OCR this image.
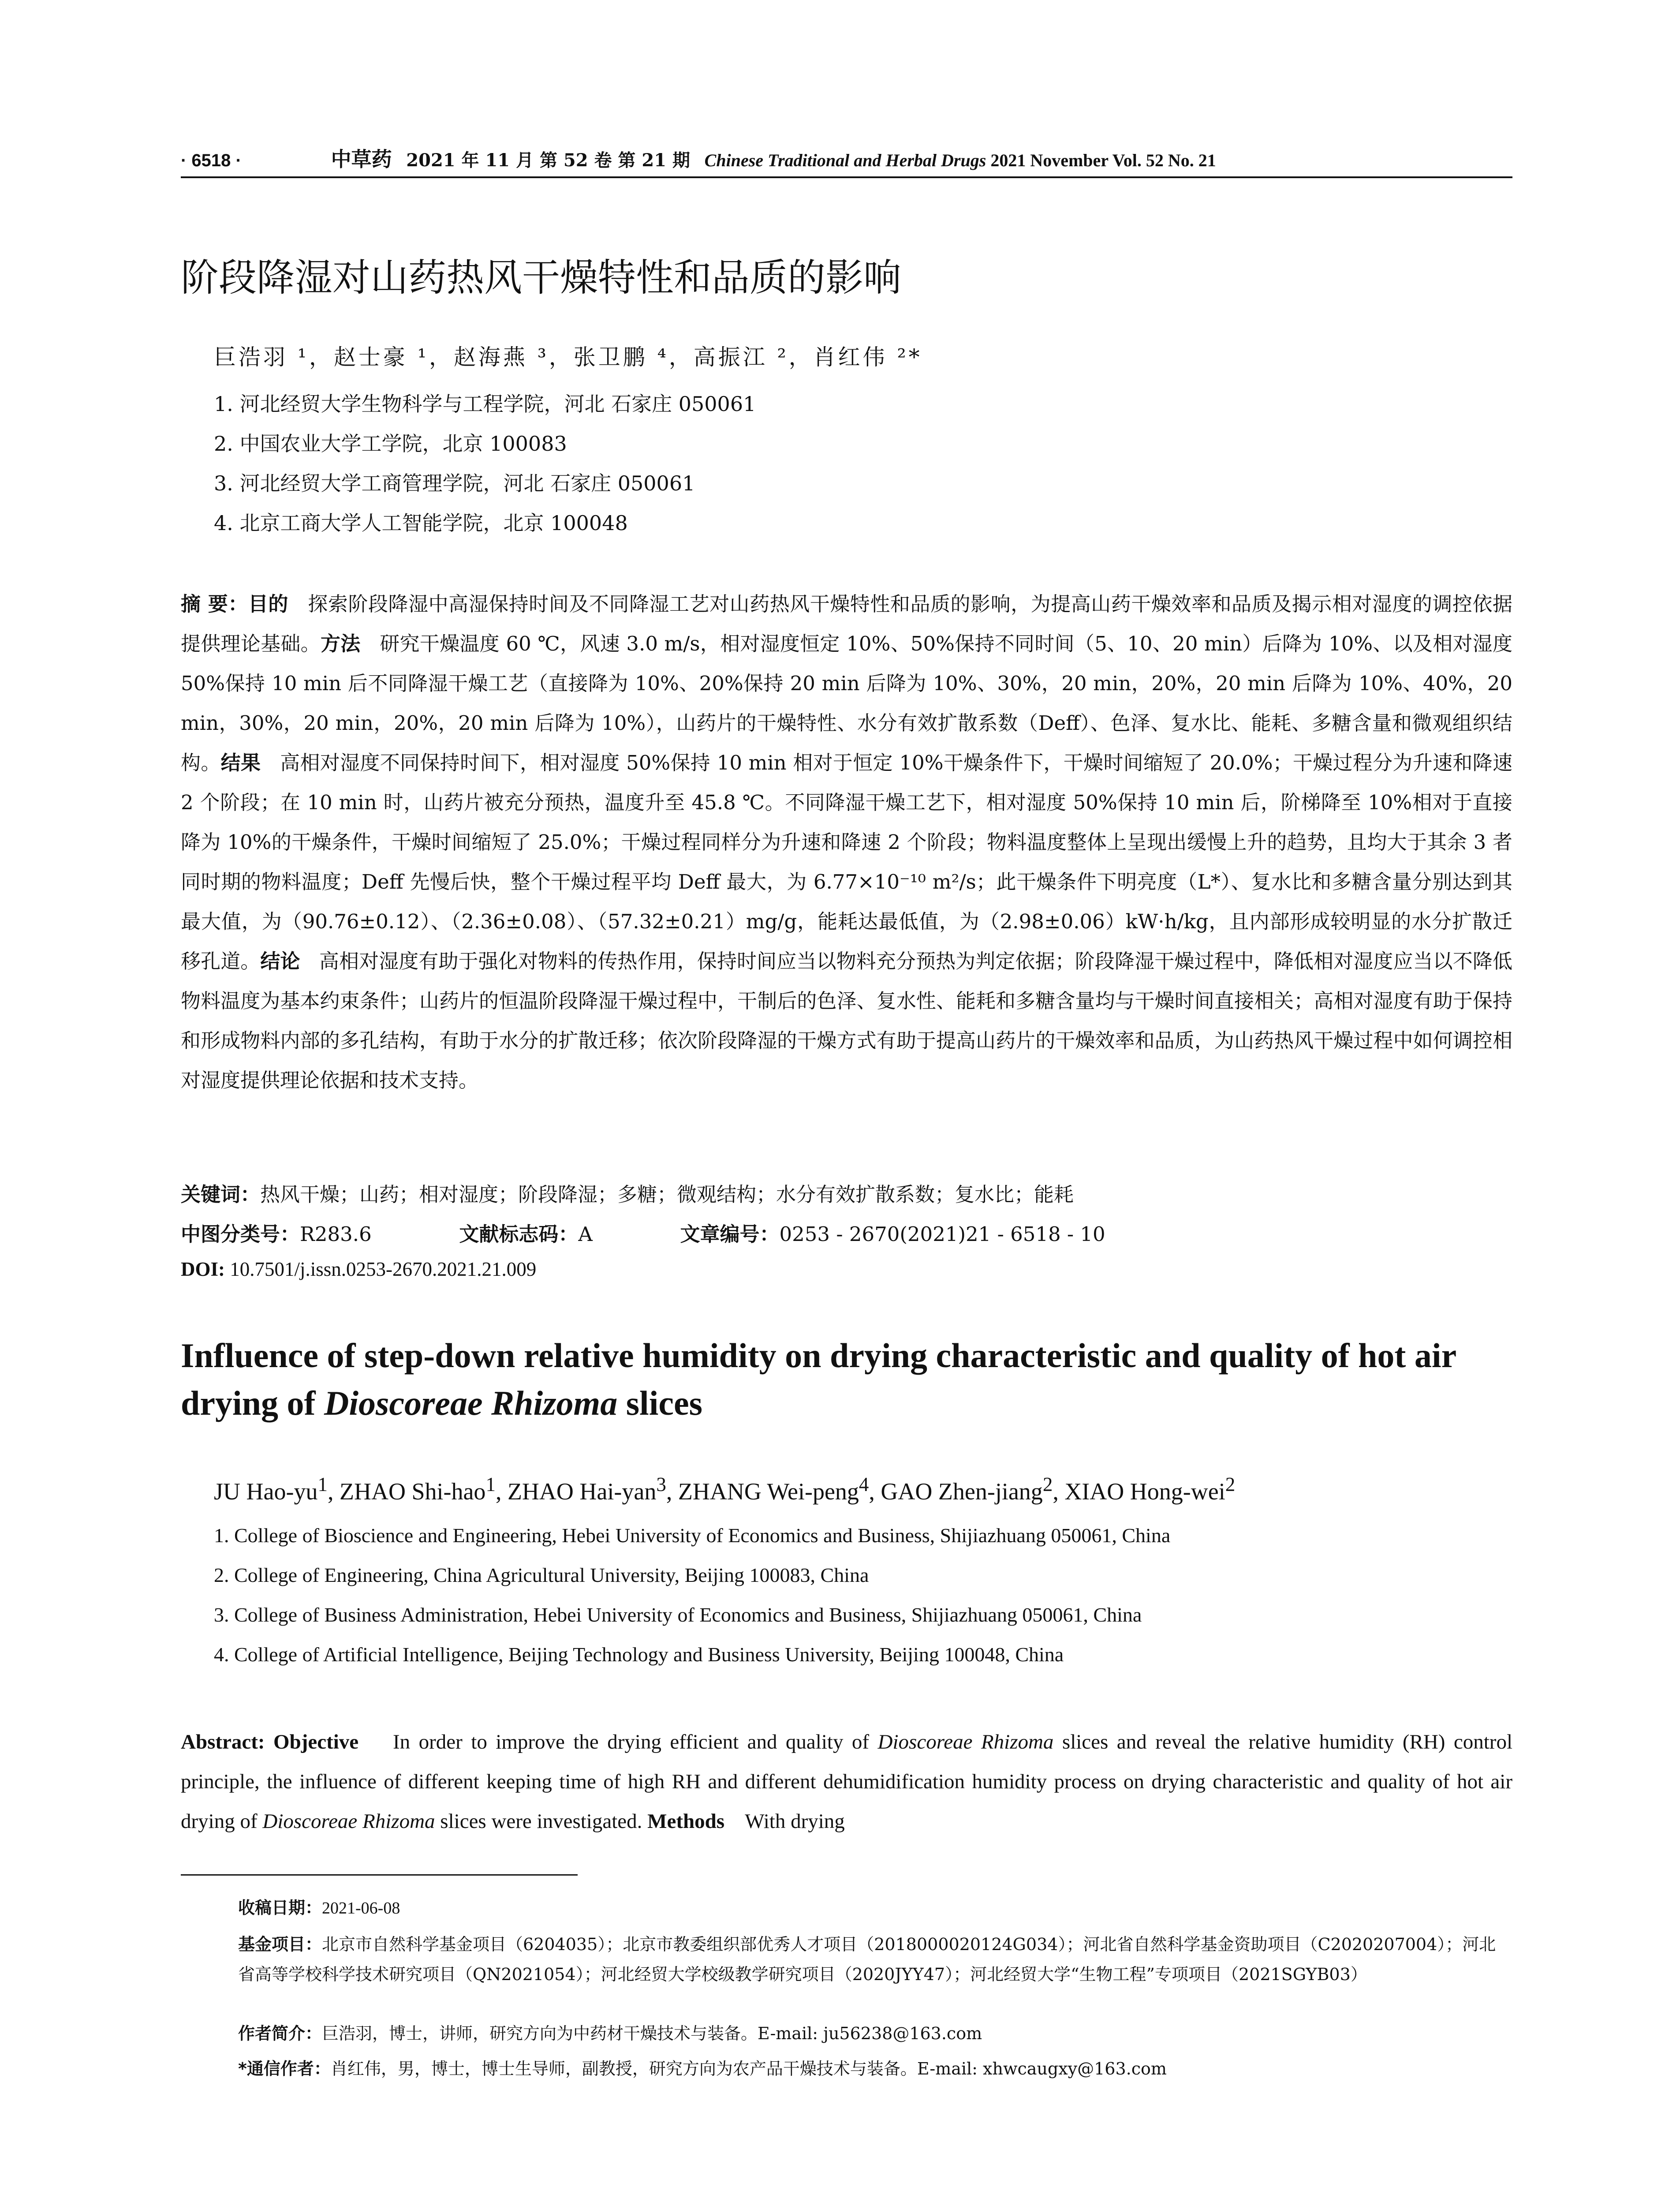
· 6518 ·	中草药 2021 年 11 月 第 52 卷 第 21 期 Chinese Traditional and Herbal Drugs 2021 November Vol. 52 No. 21
阶段降湿对山药热风干燥特性和品质的影响
巨浩羽 ¹，赵士豪 ¹，赵海燕 ³，张卫鹏 ⁴，高振江 ²，肖红伟 ²*
1. 河北经贸大学生物科学与工程学院，河北 石家庄 050061
2. 中国农业大学工学院，北京 100083
3. 河北经贸大学工商管理学院，河北 石家庄 050061
4. 北京工商大学人工智能学院，北京 100048
摘 要：目的 探索阶段降湿中高湿保持时间及不同降湿工艺对山药热风干燥特性和品质的影响，为提高山药干燥效率和品质及揭示相对湿度的调控依据提供理论基础。方法 研究干燥温度 60 ℃，风速 3.0 m/s，相对湿度恒定 10%、50%保持不同时间（5、10、20 min）后降为 10%、以及相对湿度 50%保持 10 min 后不同降湿干燥工艺（直接降为 10%、20%保持 20 min 后降为 10%、30%，20 min，20%，20 min 后降为 10%、40%，20 min，30%，20 min，20%，20 min 后降为 10%），山药片的干燥特性、水分有效扩散系数（Deff）、色泽、复水比、能耗、多糖含量和微观组织结构。结果 高相对湿度不同保持时间下，相对湿度 50%保持 10 min 相对于恒定 10%干燥条件下，干燥时间缩短了 20.0%；干燥过程分为升速和降速 2 个阶段；在 10 min 时，山药片被充分预热，温度升至 45.8 ℃。不同降湿干燥工艺下，相对湿度 50%保持 10 min 后，阶梯降至 10%相对于直接降为 10%的干燥条件，干燥时间缩短了 25.0%；干燥过程同样分为升速和降速 2 个阶段；物料温度整体上呈现出缓慢上升的趋势，且均大于其余 3 者同时期的物料温度；Deff 先慢后快，整个干燥过程平均 Deff 最大，为 6.77×10⁻¹⁰ m²/s；此干燥条件下明亮度（L*）、复水比和多糖含量分别达到其最大值，为（90.76±0.12）、（2.36±0.08）、（57.32±0.21）mg/g，能耗达最低值，为（2.98±0.06）kW·h/kg，且内部形成较明显的水分扩散迁移孔道。结论 高相对湿度有助于强化对物料的传热作用，保持时间应当以物料充分预热为判定依据；阶段降湿干燥过程中，降低相对湿度应当以不降低物料温度为基本约束条件；山药片的恒温阶段降湿干燥过程中，干制后的色泽、复水性、能耗和多糖含量均与干燥时间直接相关；高相对湿度有助于保持和形成物料内部的多孔结构，有助于水分的扩散迁移；依次阶段降湿的干燥方式有助于提高山药片的干燥效率和品质，为山药热风干燥过程中如何调控相对湿度提供理论依据和技术支持。
关键词：热风干燥；山药；相对湿度；阶段降湿；多糖；微观结构；水分有效扩散系数；复水比；能耗
中图分类号：R283.6	文献标志码：A	文章编号：0253 - 2670(2021)21 - 6518 - 10
DOI: 10.7501/j.issn.0253-2670.2021.21.009
Influence of step-down relative humidity on drying characteristic and quality of hot air drying of Dioscoreae Rhizoma slices
JU Hao-$yu^1$, ZHAO Shi-hao$^1$, ZHAO Hai-yan$^3$, ZHANG Wei-peng$^4$, GAO Zhen-jiang$^2$, XIAO Hong-wei$^2$
1. College of Bioscience and Engineering, Hebei University of Economics and Business, Shijiazhuang 050061, China
2. College of Engineering, China Agricultural University, Beijing 100083, China
3. College of Business Administration, Hebei University of Economics and Business, Shijiazhuang 050061, China
4. College of Artificial Intelligence, Beijing Technology and Business University, Beijing 100048, China
Abstract: Objective In order to improve the drying efficient and quality of Dioscoreae Rhizoma slices and reveal the relative humidity (RH) control principle, the influence of different keeping time of high RH and different dehumidification humidity process on drying characteristic and quality of hot air drying of Dioscoreae Rhizoma slices were investigated. Methods With drying
收稿日期：2021-06-08
基金项目：北京市自然科学基金项目（6204035）；北京市教委组织部优秀人才项目（2018000020124G034）；河北省自然科学基金资助项目（C2020207004）；河北省高等学校科学技术研究项目（QN2021054）；河北经贸大学校级教学研究项目（2020JYY47）；河北经贸大学“生物工程”专项项目（2021SGYB03）
作者简介：巨浩羽，博士，讲师，研究方向为中药材干燥技术与装备。E-mail: ju56238@163.com
*通信作者：肖红伟，男，博士，博士生导师，副教授，研究方向为农产品干燥技术与装备。E-mail: xhwcaugxy@163.com
